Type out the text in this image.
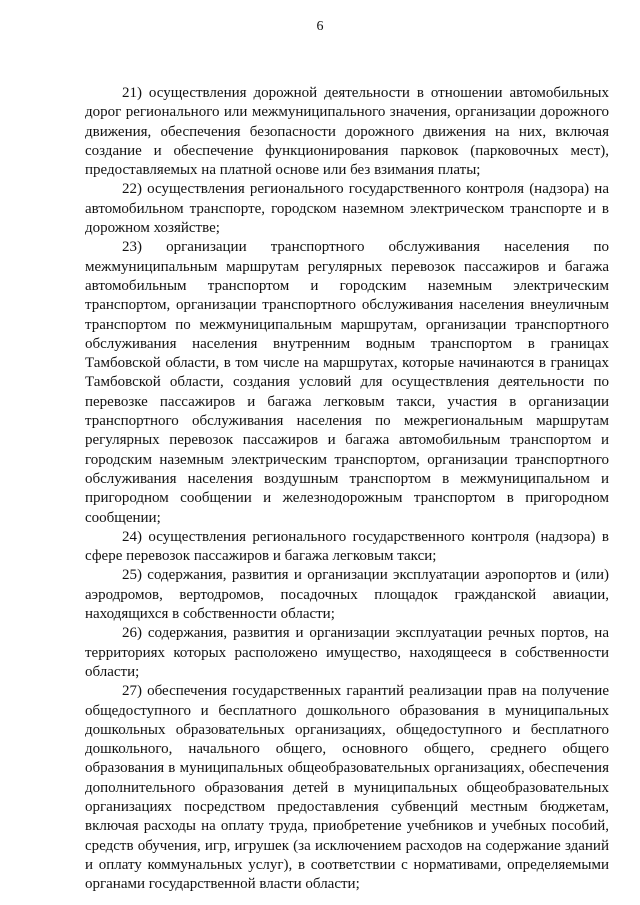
6

21) осуществления дорожной деятельности в отношении автомобильных дорог регионального или межмуниципального значения, организации дорожного движения, обеспечения безопасности дорожного движения на них, включая создание и обеспечение функционирования парковок (парковочных мест), предоставляемых на платной основе или без взимания платы;

22) осуществления регионального государственного контроля (надзора) на автомобильном транспорте, городском наземном электрическом транспорте и в дорожном хозяйстве;

23) организации транспортного обслуживания населения по межмуниципальным маршрутам регулярных перевозок пассажиров и багажа автомобильным транспортом и городским наземным электрическим транспортом, организации транспортного обслуживания населения внеуличным транспортом по межмуниципальным маршрутам, организации транспортного обслуживания населения внутренним водным транспортом в границах Тамбовской области, в том числе на маршрутах, которые начинаются в границах Тамбовской области, создания условий для осуществления деятельности по перевозке пассажиров и багажа легковым такси, участия в организации транспортного обслуживания населения по межрегиональным маршрутам регулярных перевозок пассажиров и багажа автомобильным транспортом и городским наземным электрическим транспортом, организации транспортного обслуживания населения воздушным транспортом в межмуниципальном и пригородном сообщении и железнодорожным транспортом в пригородном сообщении;

24) осуществления регионального государственного контроля (надзора) в сфере перевозок пассажиров и багажа легковым такси;

25) содержания, развития и организации эксплуатации аэропортов и (или) аэродромов, вертодромов, посадочных площадок гражданской авиации, находящихся в собственности области;

26) содержания, развития и организации эксплуатации речных портов, на территориях которых расположено имущество, находящееся в собственности области;

27) обеспечения государственных гарантий реализации прав на получение общедоступного и бесплатного дошкольного образования в муниципальных дошкольных образовательных организациях, общедоступного и бесплатного дошкольного, начального общего, основного общего, среднего общего образования в муниципальных общеобразовательных организациях, обеспечения дополнительного образования детей в муниципальных общеобразовательных организациях посредством предоставления субвенций местным бюджетам, включая расходы на оплату труда, приобретение учебников и учебных пособий, средств обучения, игр, игрушек (за исключением расходов на содержание зданий и оплату коммунальных услуг), в соответствии с нормативами, определяемыми органами государственной власти области;
